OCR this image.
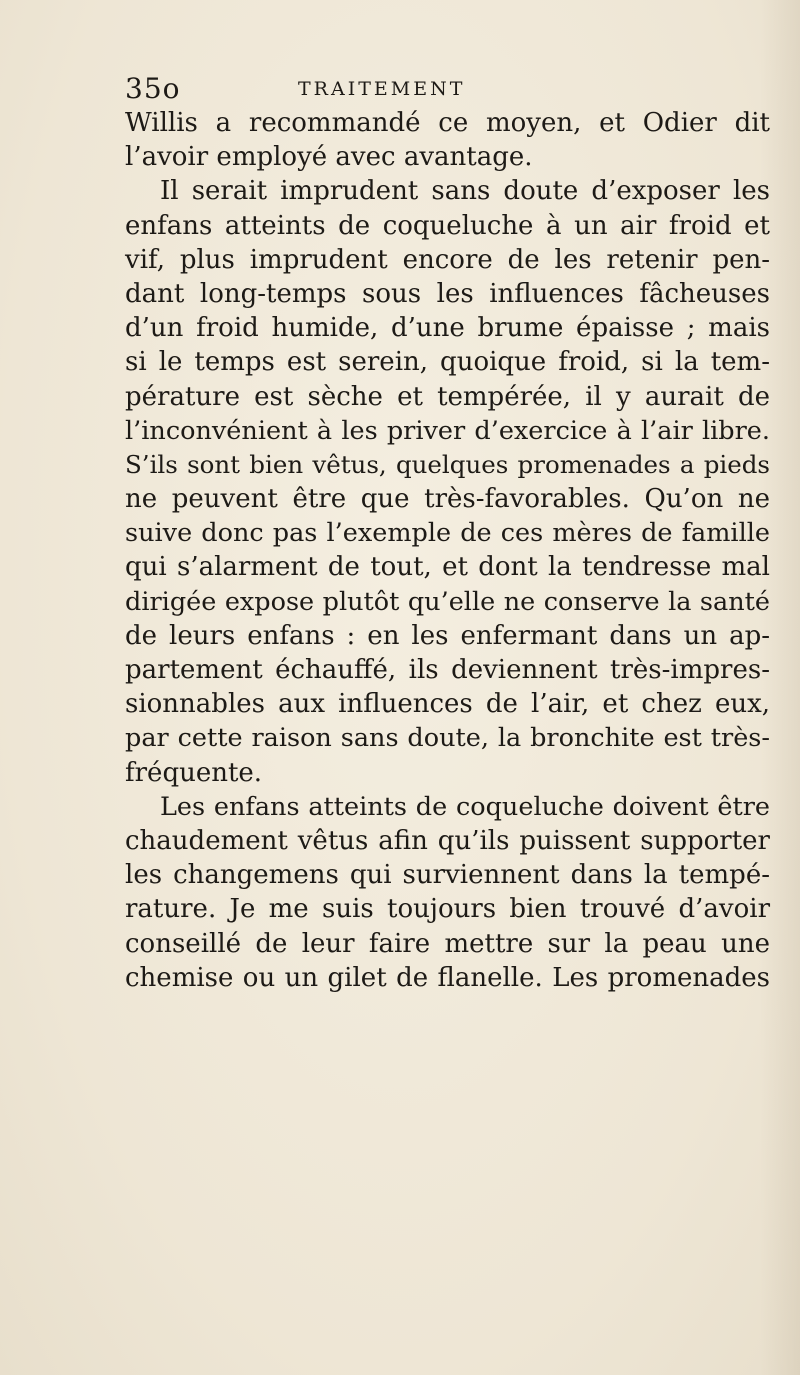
35o	TRAITEMENT
Willis a recommandé ce moyen, et Odier dit
l’avoir employé avec avantage.
Il serait imprudent sans doute d’exposer les
enfans atteints de coqueluche à un air froid et
vif, plus imprudent encore de les retenir pen-
dant long-temps sous les influences fâcheuses
d’un froid humide, d’une brume épaisse ; mais
si le temps est serein, quoique froid, si la tem-
pérature est sèche et tempérée, il y aurait de
l’inconvénient à les priver d’exercice à l’air libre.
S’ils sont bien vêtus, quelques promenades a pieds
ne peuvent être que très-favorables. Qu’on ne
suive donc pas l’exemple de ces mères de famille
qui s’alarment de tout, et dont la tendresse mal
dirigée expose plutôt qu’elle ne conserve la santé
de leurs enfans : en les enfermant dans un ap-
partement échauffé, ils deviennent très-impres-
sionnables aux influences de l’air, et chez eux,
par cette raison sans doute, la bronchite est très-
fréquente.
Les enfans atteints de coqueluche doivent être
chaudement vêtus afin qu’ils puissent supporter
les changemens qui surviennent dans la tempé-
rature. Je me suis toujours bien trouvé d’avoir
conseillé de leur faire mettre sur la peau une
chemise ou un gilet de flanelle. Les promenades
